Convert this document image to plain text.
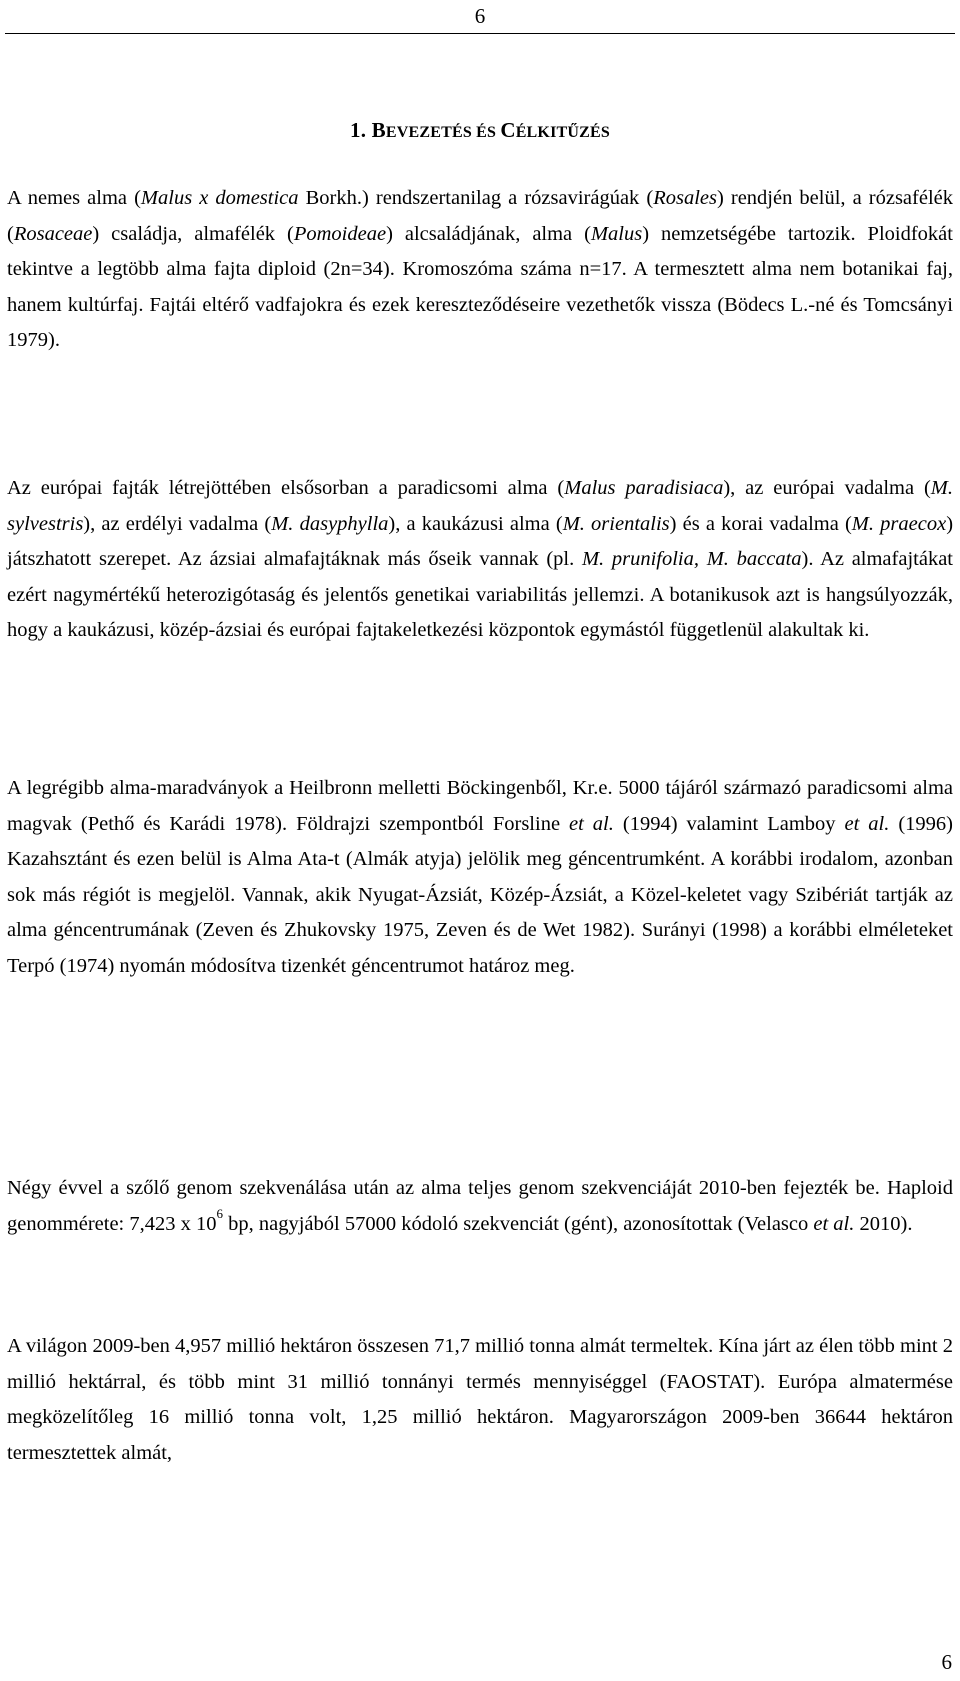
6
1. BEVEZETÉS ÉS CÉLKITŰZÉS

A nemes alma (Malus x domestica Borkh.) rendszertanilag a rózsavirágúak (Rosales) rendjén belül, a rózsafélék (Rosaceae) családja, almafélék (Pomoideae) alcsaládjának, alma (Malus) nemzetségébe tartozik. Ploidfokát tekintve a legtöbb alma fajta diploid (2n=34). Kromoszóma száma n=17. A termesztett alma nem botanikai faj, hanem kultúrfaj. Fajtái eltérő vadfajokra és ezek kereszteződéseire vezethetők vissza (Bödecs L.-né és Tomcsányi 1979).

Az európai fajták létrejöttében elsősorban a paradicsomi alma (Malus paradisiaca), az európai vadalma (M. sylvestris), az erdélyi vadalma (M. dasyphylla), a kaukázusi alma (M. orientalis) és a korai vadalma (M. praecox) játszhatott szerepet. Az ázsiai almafajtáknak más őseik vannak (pl. M. prunifolia, M. baccata). Az almafajtákat ezért nagymértékű heterozigótaság és jelentős genetikai variabilitás jellemzi. A botanikusok azt is hangsúlyozzák, hogy a kaukázusi, közép-ázsiai és európai fajtakeletkezési központok egymástól függetlenül alakultak ki.

A legrégibb alma-maradványok a Heilbronn melletti Böckingenből, Kr.e. 5000 tájáról származó paradicsomi alma magvak (Pethő és Karádi 1978). Földrajzi szempontból Forsline et al. (1994) valamint Lamboy et al. (1996) Kazahsztánt és ezen belül is Alma Ata-t (Almák atyja) jelölik meg géncentrumként. A korábbi irodalom, azonban sok más régiót is megjelöl. Vannak, akik Nyugat-Ázsiát, Közép-Ázsiát, a Közel-keletet vagy Szibériát tartják az alma géncentrumának (Zeven és Zhukovsky 1975, Zeven és de Wet 1982). Surányi (1998) a korábbi elméleteket Terpó (1974) nyomán módosítva tizenkét géncentrumot határoz meg.

Négy évvel a szőlő genom szekvenálása után az alma teljes genom szekvenciáját 2010-ben fejezték be. Haploid genommérete: 7,423 x $10^6$ bp, nagyjából 57000 kódoló szekvenciát (gént), azonosítottak (Velasco et al. 2010).

A világon 2009-ben 4,957 millió hektáron összesen 71,7 millió tonna almát termeltek. Kína járt az élen több mint 2 millió hektárral, és több mint 31 millió tonnányi termés mennyiséggel (FAOSTAT). Európa almatermése megközelítőleg 16 millió tonna volt, 1,25 millió hektáron. Magyarországon 2009-ben 36644 hektáron termesztettek almát,

6
